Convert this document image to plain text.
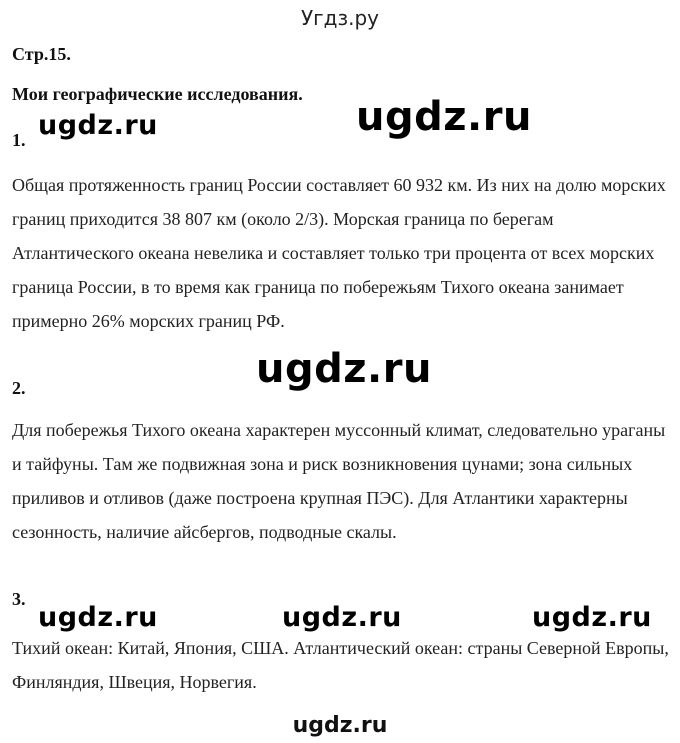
Угдз.ру
Стр.15.
Мои географические исследования. ugdz.ru
ugdz.ru
1.
Общая протяженность границ России составляет 60 932 км. Из них на долю морских границ приходится 38 807 км (около 2/3). Морская граница по берегам Атлантического океана невелика и составляет только три процента от всех морских граница России, в то время как граница по побережьям Тихого океана занимает примерно 26% морских границ РФ.
ugdz.ru
2.
Для побережья Тихого океана характерен муссонный климат, следовательно ураганы и тайфуны. Там же подвижная зона и риск возникновения цунами; зона сильных приливов и отливов (даже построена крупная ПЭС). Для Атлантики характерны сезонность, наличие айсбергов, подводные скалы.
3.
ugdz.ru	ugdz.ru	ugdz.ru
Тихий океан: Китай, Япония, США. Атлантический океан: страны Северной Европы, Финляндия, Швеция, Норвегия.
ugdz.ru
